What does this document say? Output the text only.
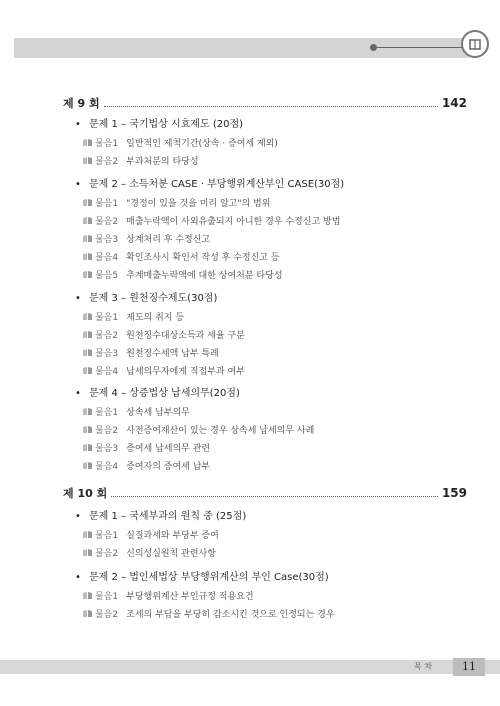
제 9 회	142
• 문제 1 – 국기법상 시효제도 (20점)
물음1 일반적인 제척기간(상속 · 증여세 제외)
물음2 부과처분의 타당성
• 문제 2 – 소득처분 CASE · 부당행위계산부인 CASE(30점)
물음1 "경정이 있을 것을 미리 알고"의 범위
물음2 매출누락액이 사외유출되지 아니한 경우 수정신고 방법
물음3 상계처리 후 수정신고
물음4 확인조사시 확인서 작성 후 수정신고 등
물음5 추계매출누락액에 대한 상여처분 타당성
• 문제 3 – 원천징수제도(30점)
물음1 제도의 취지 등
물음2 원천징수대상소득과 세율 구분
물음3 원천징수세액 납부 특례
물음4 납세의무자에게 직접부과 여부
• 문제 4 – 상증법상 납세의무(20점)
물음1 상속세 납부의무
물음2 사전증여재산이 있는 경우 상속세 납세의무 사례
물음3 증여세 납세의무 관련
물음4 증여자의 증여세 납부
제 10 회	159
• 문제 1 – 국세부과의 원칙 중 (25점)
물음1 실질과세와 부당부 증여
물음2 신의성실원칙 관련사항
• 문제 2 – 법인세법상 부당행위계산의 부인 Case(30점)
물음1 부당행위계산 부인규정 적용요건
물음2 조세의 부담을 부당히 감소시킨 것으로 인정되는 경우
목 차	11
